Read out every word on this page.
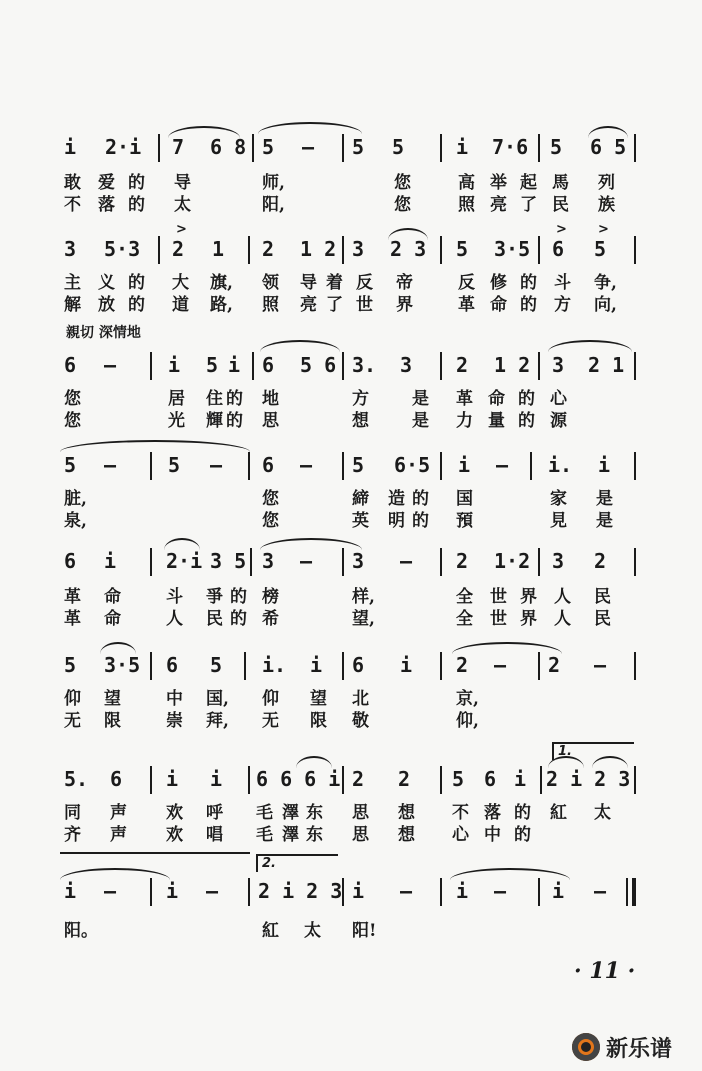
i 2·i 7 6 8 5 – 5 5	i 7·6 5 6 5
敢 爱 的 导	师,	您	高 举 起 馬 列
不 落 的 太	阳,	您	照 亮 了 民 族
>	> >
3 5·3 2 1 2 1 2 3 2 3 5 3·5 6 5
主 义 的 大 旗, 领 导 着 反 帝	反 修 的 斗 争,
解 放 的 道 路, 照 亮 了 世 界	革 命 的 方 向,
親切 深情地
6 –	i 5 i 6 5 6 3. 3 2 1 2 3 2 1
您	居 住 的 地	方	是 革 命 的 心
您	光 輝 的 思	想	是 力 量 的 源
5 –	5 – 6 – 5 6·5 i – i. i
脏,	您	締 造 的 国	家 是
泉,	您	英 明 的 預	見 是
6 i 2·i 3 5 3 – 3 – 2 1·2 3 2
革 命	斗 爭 的 榜	样,	全 世 界 人 民
革 命	人 民 的 希	望,	全 世 界 人 民
5 3·5 6 5 i. i 6 i 2 – 2 –
仰 望	中 国, 仰 望 北	京,
无 限	崇 拜, 无 限 敬	仰,
1.
5. 6 i i 6 6 6 i 2 2 5 6 i 2 i 2 3
同 声 欢 呼 毛 澤 东 思 想 不 落 的 紅 太
齐 声 欢 唱 毛 澤 东 思 想 心 中 的
2.
i – i – 2 i 2 3 i – i – i –
阳。	紅 太 阳!
· 11 ·
新乐谱
